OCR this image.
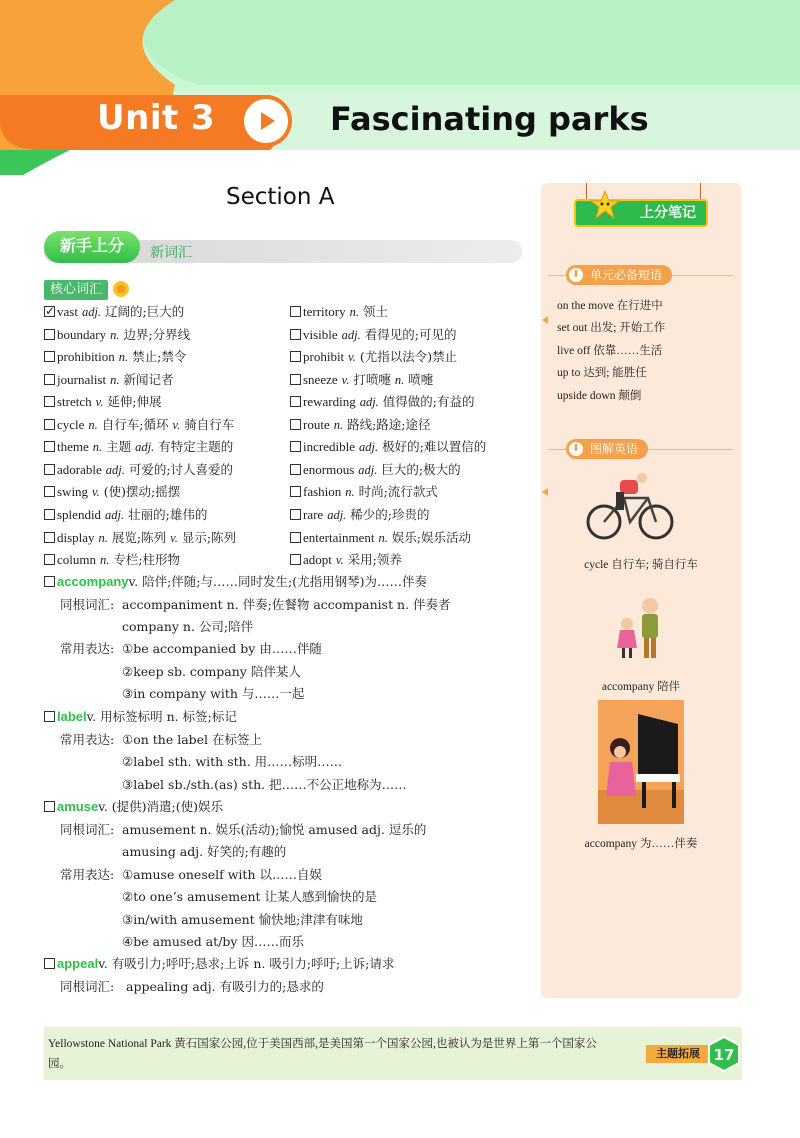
Unit 3	Fascinating parks
Section A
新手上分	新词汇
核心词汇
✓vast adj. 辽阔的;巨大的
boundary n. 边界;分界线
prohibition n. 禁止;禁令
journalist n. 新闻记者
stretch v. 延伸;伸展
cycle n. 自行车;循环 v. 骑自行车
theme n. 主题 adj. 有特定主题的
adorable adj. 可爱的;讨人喜爱的
swing v. (使)摆动;摇摆
splendid adj. 壮丽的;雄伟的
display n. 展览;陈列 v. 显示;陈列
column n. 专栏;柱形物
territory n. 领土
visible adj. 看得见的;可见的
prohibit v. (尤指以法令)禁止
sneeze v. 打喷嚏 n. 喷嚏
rewarding adj. 值得做的;有益的
route n. 路线;路途;途径
incredible adj. 极好的;难以置信的
enormous adj. 巨大的;极大的
fashion n. 时尚;流行款式
rare adj. 稀少的;珍贵的
entertainment n. 娱乐;娱乐活动
adopt v. 采用;领养
accompanyv. 陪伴;伴随;与……同时发生;(尤指用钢琴)为……伴奏
同根词汇: accompaniment n. 伴奏;佐餐物 accompanist n. 伴奏者
company n. 公司;陪伴
常用表达: ①be accompanied by 由……伴随
②keep sb. company 陪伴某人
③in company with 与……一起
labelv. 用标签标明 n. 标签;标记
常用表达: ①on the label 在标签上
②label sth. with sth. 用……标明……
③label sb./sth.(as) sth. 把……不公正地称为……
amusev. (提供)消遣;(使)娱乐
同根词汇: amusement n. 娱乐(活动);愉悦 amused adj. 逗乐的
amusing adj. 好笑的;有趣的
常用表达: ①amuse oneself with 以……自娱
②to one’s amusement 让某人感到愉快的是
③in/with amusement 愉快地;津津有味地
④be amused at/by 因……而乐
appealv. 有吸引力;呼吁;恳求;上诉 n. 吸引力;呼吁;上诉;请求
同根词汇: appealing adj. 有吸引力的;恳求的
上分笔记
⬇ 单元必备短语
on the move 在行进中
set out 出发; 开始工作
live off 依靠……生活
up to 达到; 能胜任
upside down 颠倒
⬇ 图解英语
cycle 自行车; 骑自行车
accompany 陪伴
accompany 为……伴奏
Yellowstone National Park 黄石国家公园,位于美国西部,是美国第一个国家公园,也被认为是世界上第一个国家公园。
主题拓展 17
